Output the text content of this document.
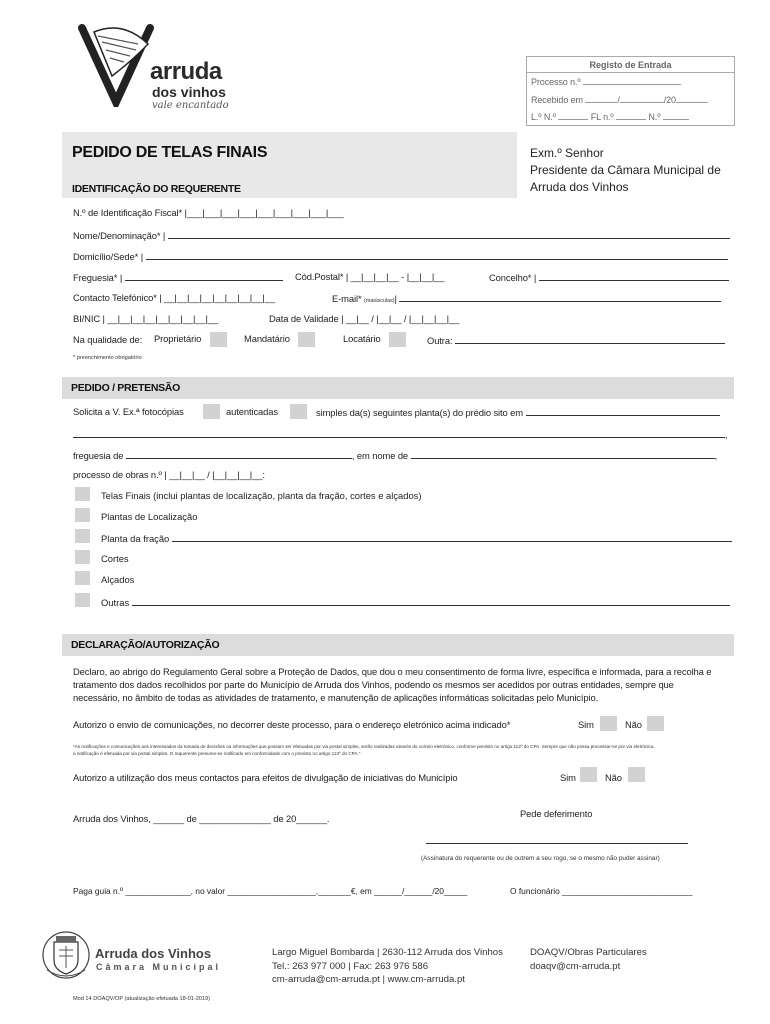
arruda
dos vinhos
vale encantado
Registo de Entrada
Processo n.º
Recebido em	/	/20
L.º N.º	FL n.º	N.º
PEDIDO DE TELAS FINAIS
IDENTIFICAÇÃO DO REQUERENTE
Exm.º Senhor
Presidente da Câmara Municipal de
Arruda dos Vinhos
N.º de Identificação Fiscal* |___|___|___|___|___|___|___|___|___
Nome/Denominação* |
Domicílio/Sede* |
Freguesia* |	Cód.Postal* | __|__|__|__ - |__|__|__	Concelho* |
Contacto Telefónico* | __|__|__|__|__|__|__|__|__	E-mail* (maiúsculas)|
BI/NIC | __|__|__|__|__|__|__|__|__	Data de Validade | __|__ / |__|__ / |__|__|__|__
Na qualidade de: Proprietário	Mandatário	Locatário	Outra:
* preenchimento obrigatório
PEDIDO / PRETENSÃO
Solicita a V. Ex.ª fotocópias	autenticadas	simples da(s) seguintes planta(s) do prédio sito em
,
freguesia de	, em nome de	,
processo de obras n.º | __|__|__ / |__|__|__|__:
Telas Finais (inclui plantas de localização, planta da fração, cortes e alçados)
Plantas de Localização
Planta da fração
Cortes
Alçados
Outras
DECLARAÇÃO/AUTORIZAÇÃO
Declaro, ao abrigo do Regulamento Geral sobre a Proteção de Dados, que dou o meu consentimento de forma livre, específica e informada, para a recolha e
tratamento dos dados recolhidos por parte do Município de Arruda dos Vinhos, podendo os mesmos ser acedidos por outras entidades, sempre que
necessário, no âmbito de todas as atividades de tratamento, e manutenção de aplicações informáticas solicitadas pelo Município.
Autorizo o envio de comunicações, no decorrer deste processo, para o endereço eletrónico acima indicado*	Sim	Não
*As notificações e comunicações aos interessados da tomada de decisões ou informações que possam ser efetuadas por via postal simples, serão realizadas através do correio eletrónico, conforme previsto no artigo 112º do CPA. Sempre que não possa processar-se por via eletrónica,
a notificação é efetuada por via postal simples. O requerente presume-se notificado em conformidade com o previsto no artigo 113º do CPA."
Autorizo a utilização dos meus contactos para efeitos de divulgação de iniciativas do Município	Sim	Não
Arruda dos Vinhos, ______ de ______________ de 20______.	Pede deferimento
(Assinatura do requerente ou de outrem a seu rogo, se o mesmo não puder assinar)
Paga guia n.º ______________, no valor ___________________,_______€, em ______/______/20_____	O funcionário ____________________________
Arruda dos Vinhos
Câmara Municipal
Largo Miguel Bombarda | 2630-112 Arruda dos Vinhos
Tel.: 263 977 000 | Fax: 263 976 586
cm-arruda@cm-arruda.pt | www.cm-arruda.pt
DOAQV/Obras Particulares
doaqv@cm-arruda.pt
Mod 14 DOAQV/OP (atualização efetuada 18-01-2019)
